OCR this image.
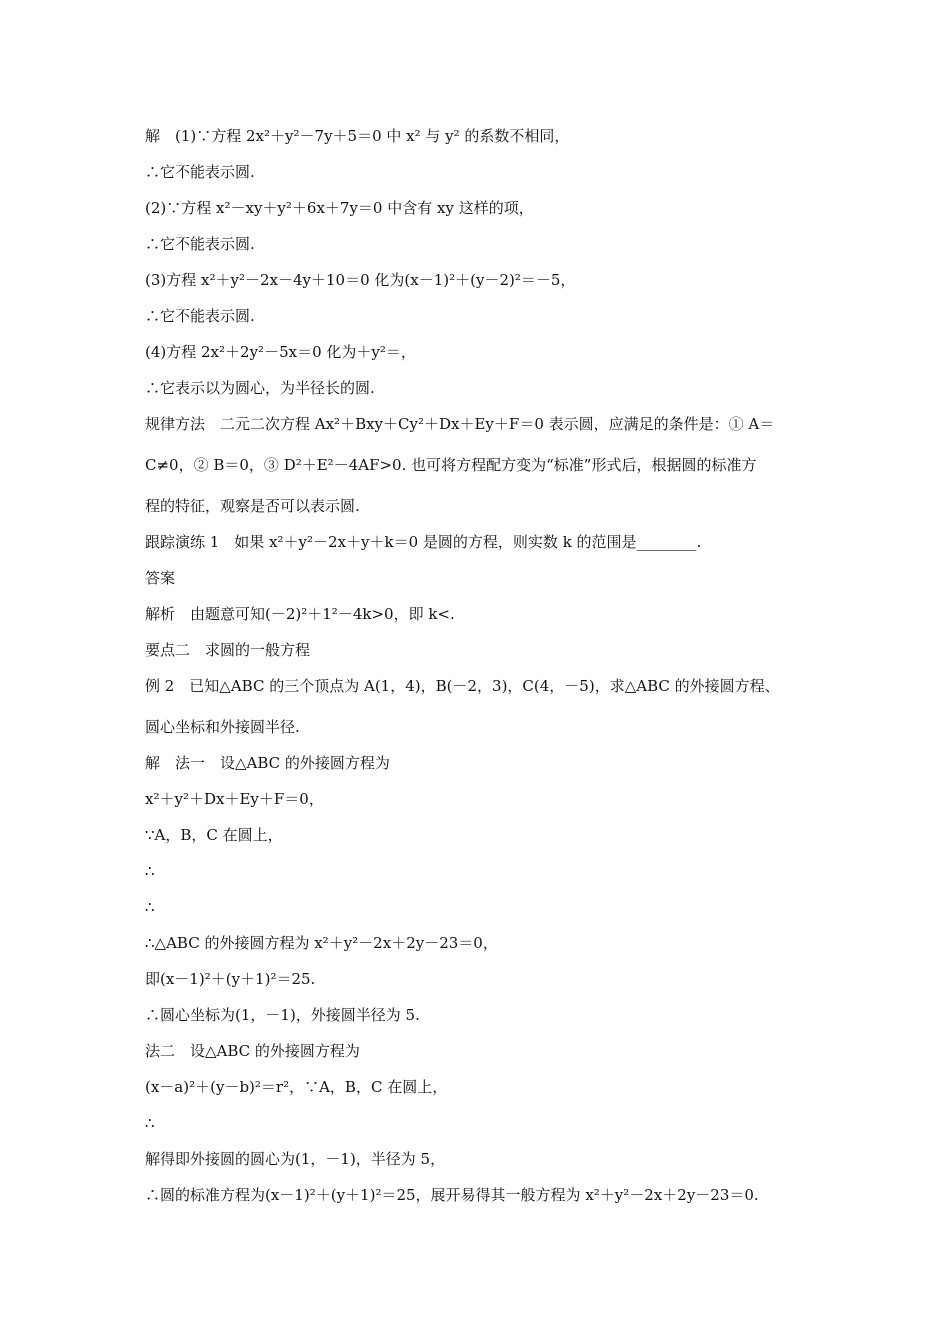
解　(1)∵方程 2x²＋y²－7y＋5＝0 中 x² 与 y² 的系数不相同，

∴它不能表示圆.

(2)∵方程 x²－xy＋y²＋6x＋7y＝0 中含有 xy 这样的项，

∴它不能表示圆.

(3)方程 x²＋y²－2x－4y＋10＝0 化为(x－1)²＋(y－2)²＝－5，

∴它不能表示圆.

(4)方程 2x²＋2y²－5x＝0 化为＋y²＝，

∴它表示以为圆心，为半径长的圆.

规律方法　二元二次方程 Ax²＋Bxy＋Cy²＋Dx＋Ey＋F＝0 表示圆，应满足的条件是：① A＝

C≠0，② B＝0，③ D²＋E²－4AF>0. 也可将方程配方变为“标准”形式后，根据圆的标准方

程的特征，观察是否可以表示圆.

跟踪演练 1　如果 x²＋y²－2x＋y＋k＝0 是圆的方程，则实数 k 的范围是________.

答案

解析　由题意可知(－2)²＋1²－4k>0，即 k<.

要点二　求圆的一般方程

例 2　已知△ABC 的三个顶点为 A(1，4)，B(－2，3)，C(4，－5)，求△ABC 的外接圆方程、

圆心坐标和外接圆半径.

解　法一　设△ABC 的外接圆方程为

x²＋y²＋Dx＋Ey＋F＝0，

∵A，B，C 在圆上，

∴

∴

∴△ABC 的外接圆方程为 x²＋y²－2x＋2y－23＝0，

即(x－1)²＋(y＋1)²＝25.

∴圆心坐标为(1，－1)，外接圆半径为 5.

法二　设△ABC 的外接圆方程为

(x－a)²＋(y－b)²＝r²，∵A，B，C 在圆上，

∴

解得即外接圆的圆心为(1，－1)，半径为 5，

∴圆的标准方程为(x－1)²＋(y＋1)²＝25，展开易得其一般方程为 x²＋y²－2x＋2y－23＝0.
